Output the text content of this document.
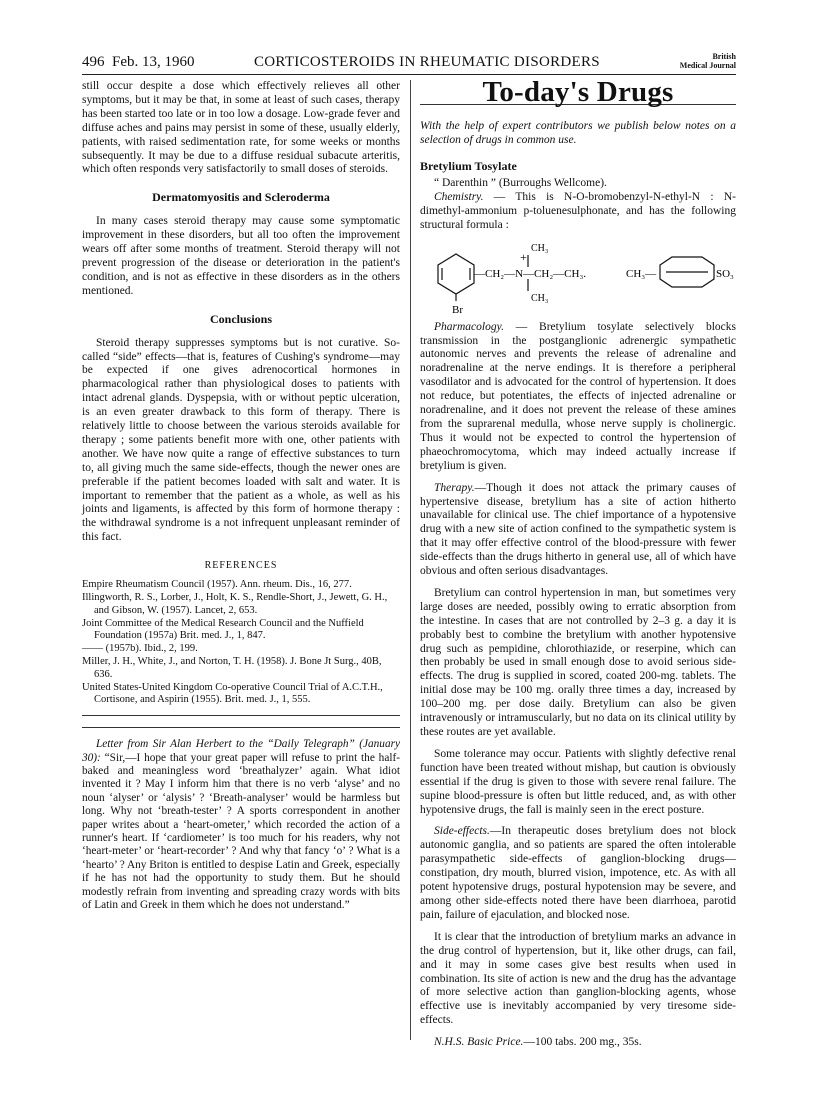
496 Feb. 13, 1960	CORTICOSTEROIDS IN RHEUMATIC DISORDERS	British
Medical Journal

still occur despite a dose which effectively relieves all other symptoms, but it may be that, in some at least of such cases, therapy has been started too late or in too low a dosage. Low-grade fever and diffuse aches and pains may persist in some of these, usually elderly, patients, with raised sedimentation rate, for some weeks or months subsequently. It may be due to a diffuse residual subacute arteritis, which often responds very satisfactorily to small doses of steroids.

Dermatomyositis and Scleroderma

In many cases steroid therapy may cause some symptomatic improvement in these disorders, but all too often the improvement wears off after some months of treatment. Steroid therapy will not prevent progression of the disease or deterioration in the patient's condition, and is not as effective in these disorders as in the others mentioned.

Conclusions

Steroid therapy suppresses symptoms but is not curative. So-called “side” effects—that is, features of Cushing's syndrome—may be expected if one gives adrenocortical hormones in pharmacological rather than physiological doses to patients with intact adrenal glands. Dyspepsia, with or without peptic ulceration, is an even greater drawback to this form of therapy. There is relatively little to choose between the various steroids available for therapy ; some patients benefit more with one, other patients with another. We have now quite a range of effective substances to turn to, all giving much the same side-effects, though the newer ones are preferable if the patient becomes loaded with salt and water. It is important to remember that the patient as a whole, as well as his joints and ligaments, is affected by this form of hormone therapy : the withdrawal syndrome is a not infrequent unpleasant reminder of this fact.

REFERENCES

Empire Rheumatism Council (1957). Ann. rheum. Dis., 16, 277.

Illingworth, R. S., Lorber, J., Holt, K. S., Rendle-Short, J., Jewett, G. H., and Gibson, W. (1957). Lancet, 2, 653.

Joint Committee of the Medical Research Council and the Nuffield Foundation (1957a) Brit. med. J., 1, 847.

—— (1957b). Ibid., 2, 199.

Miller, J. H., White, J., and Norton, T. H. (1958). J. Bone Jt Surg., 40B, 636.

United States-United Kingdom Co-operative Council Trial of A.C.T.H., Cortisone, and Aspirin (1955). Brit. med. J., 1, 555.

Letter from Sir Alan Herbert to the “Daily Telegraph” (January 30): “Sir,—I hope that your great paper will refuse to print the half-baked and meaningless word ‘breathalyzer’ again. What idiot invented it ? May I inform him that there is no verb ‘alyse’ and no noun ‘alyser’ or ‘alysis’ ? ‘Breath-analyser’ would be harmless but long. Why not ‘breath-tester’ ? A sports correspondent in another paper writes about a ‘heart-ometer,’ which recorded the action of a runner's heart. If ‘cardiometer’ is too much for his readers, why not ‘heart-meter’ or ‘heart-recorder’ ? And why that fancy ‘o’ ? What is a ‘hearto’ ? Any Briton is entitled to despise Latin and Greek, especially if he has not had the opportunity to study them. But he should modestly refrain from inventing and spreading crazy words with bits of Latin and Greek in them which he does not understand.”

To-day's Drugs

With the help of expert contributors we publish below notes on a selection of drugs in common use.

Bretylium Tosylate

“ Darenthin ” (Burroughs Wellcome).

Chemistry. — This is N-O-bromobenzyl-N-ethyl-N : N-dimethyl-ammonium p-toluenesulphonate, and has the following structural formula :

—CH₂—N—CH₂—CH₃.
+
CH₃
CH₃
Br
CH₃—	SO₃

Pharmacology. — Bretylium tosylate selectively blocks transmission in the postganglionic adrenergic sympathetic autonomic nerves and prevents the release of adrenaline and noradrenaline at the nerve endings. It is therefore a peripheral vasodilator and is advocated for the control of hypertension. It does not reduce, but potentiates, the effects of injected adrenaline or noradrenaline, and it does not prevent the release of these amines from the suprarenal medulla, whose nerve supply is cholinergic. Thus it would not be expected to control the hypertension of phaeochromocytoma, which may indeed actually increase if bretylium is given.

Therapy.—Though it does not attack the primary causes of hypertensive disease, bretylium has a site of action hitherto unavailable for clinical use. The chief importance of a hypotensive drug with a new site of action confined to the sympathetic system is that it may offer effective control of the blood-pressure with fewer side-effects than the drugs hitherto in general use, all of which have obvious and often serious disadvantages.

Bretylium can control hypertension in man, but sometimes very large doses are needed, possibly owing to erratic absorption from the intestine. In cases that are not controlled by 2–3 g. a day it is probably best to combine the bretylium with another hypotensive drug such as pempidine, chlorothiazide, or reserpine, which can then probably be used in small enough dose to avoid serious side-effects. The drug is supplied in scored, coated 200-mg. tablets. The initial dose may be 100 mg. orally three times a day, increased by 100–200 mg. per dose daily. Bretylium can also be given intravenously or intramuscularly, but no data on its clinical utility by these routes are yet available.

Some tolerance may occur. Patients with slightly defective renal function have been treated without mishap, but caution is obviously essential if the drug is given to those with severe renal failure. The supine blood-pressure is often but little reduced, and, as with other hypotensive drugs, the fall is mainly seen in the erect posture.

Side-effects.—In therapeutic doses bretylium does not block autonomic ganglia, and so patients are spared the often intolerable parasympathetic side-effects of ganglion-blocking drugs—constipation, dry mouth, blurred vision, impotence, etc. As with all potent hypotensive drugs, postural hypotension may be severe, and among other side-effects noted there have been diarrhoea, parotid pain, failure of ejaculation, and blocked nose.

It is clear that the introduction of bretylium marks an advance in the drug control of hypertension, but it, like other drugs, can fail, and it may in some cases give best results when used in combination. Its site of action is new and the drug has the advantage of more selective action than ganglion-blocking agents, whose effective use is inevitably accompanied by very tiresome side-effects.

N.H.S. Basic Price.—100 tabs. 200 mg., 35s.
